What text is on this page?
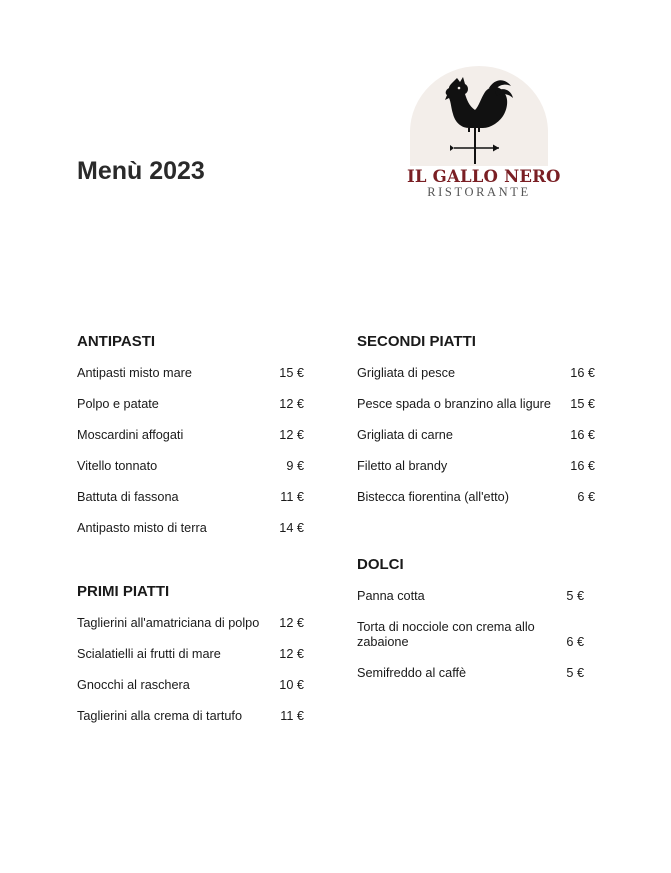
Menù 2023	IL GALLO NERO
RISTORANTE
ANTIPASTI
Antipasti misto mare	15 €
Polpo e patate	12 €
Moscardini affogati	12 €
Vitello tonnato	9 €
Battuta di fassona	11 €
Antipasto misto di terra	14 €
PRIMI PIATTI
Taglierini all'amatriciana di polpo	12 €
Scialatielli ai frutti di mare	12 €
Gnocchi al raschera	10 €
Taglierini alla crema di tartufo	11 €
SECONDI PIATTI
Grigliata di pesce	16 €
Pesce spada o branzino alla ligure	15 €
Grigliata di carne	16 €
Filetto al brandy	16 €
Bistecca fiorentina (all'etto)	6 €
DOLCI
Panna cotta	5 €
Torta di nocciole con crema allo zabaione	6 €
Semifreddo al caffè	5 €
